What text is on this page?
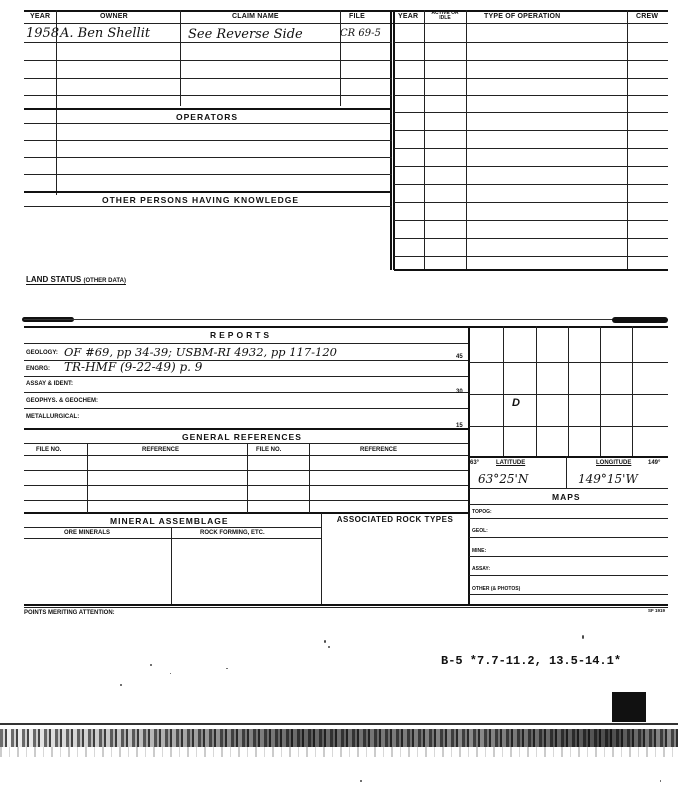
YEAR	OWNER	CLAIM NAME	FILE	YEAR	ACTIVE OR IDLE	TYPE OF OPERATION	CREW
1958 A. Ben Shellit	See Reverse Side	CR 69-5
OPERATORS
OTHER PERSONS HAVING KNOWLEDGE
LAND STATUS (OTHER DATA)
REPORTS
GEOLOGY: OF #69, pp 34-39; USBM-RI 4932, pp 117-120
ENGRG: TR-HMF (9-22-49) p. 9
ASSAY & IDENT:
GEOPHYS. & GEOCHEM:
METALLURGICAL:
45
30
15
GENERAL REFERENCES
FILE NO.	REFERENCE	FILE NO.	REFERENCE
MINERAL ASSEMBLAGE	ASSOCIATED ROCK TYPES
ORE MINERALS	ROCK FORMING, ETC.
D
63°	LATITUDE	LONGITUDE	149°
63°25'N	149°15'W
MAPS
TOPOG:
GEOL:
MINE:
ASSAY:
OTHER (& PHOTOS)
POINTS MERITING ATTENTION:	SF 1919
B-5 *7.7-11.2, 13.5-14.1*
